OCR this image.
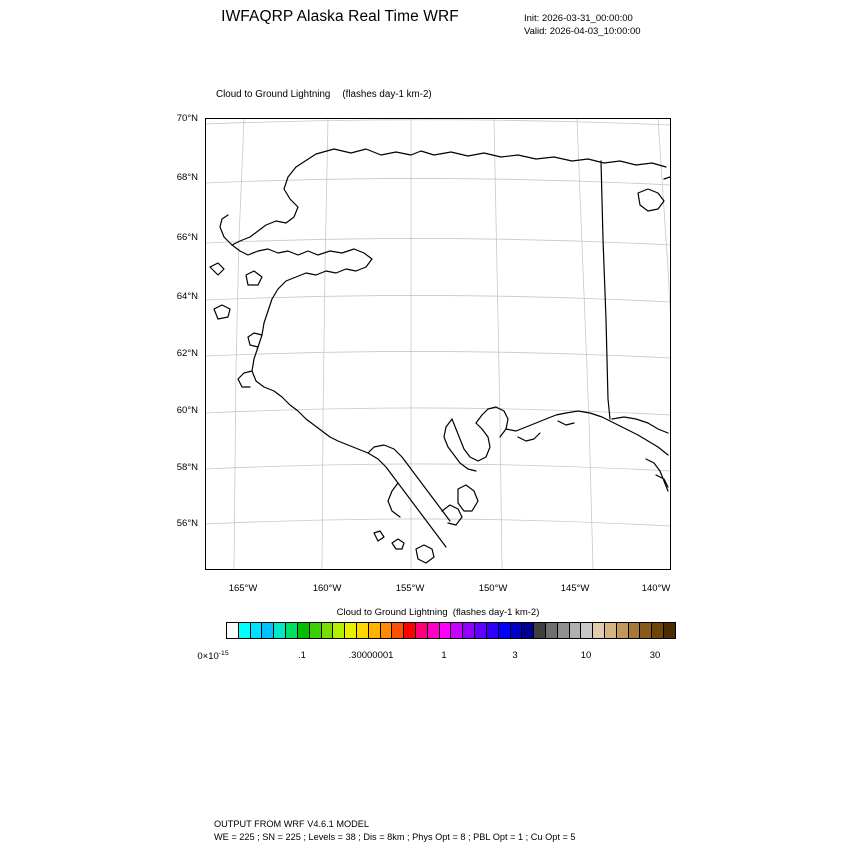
IWFAQRP Alaska Real Time WRF	Init: 2026-03-31_00:00:00
Valid: 2026-04-03_10:00:00
Cloud to Ground Lightning (flashes day-1 km-2)
70°N
68°N
66°N
64°N
62°N
60°N
58°N
56°N
165°W	160°W	155°W	150°W	145°W	140°W
Cloud to Ground Lightning (flashes day-1 km-2)
$0\times 10^{-15}$	.1	.30000001	1	3	10	30
OUTPUT FROM WRF V4.6.1 MODEL
WE = 225 ; SN = 225 ; Levels = 38 ; Dis = 8km ; Phys Opt = 8 ; PBL Opt = 1 ; Cu Opt = 5
